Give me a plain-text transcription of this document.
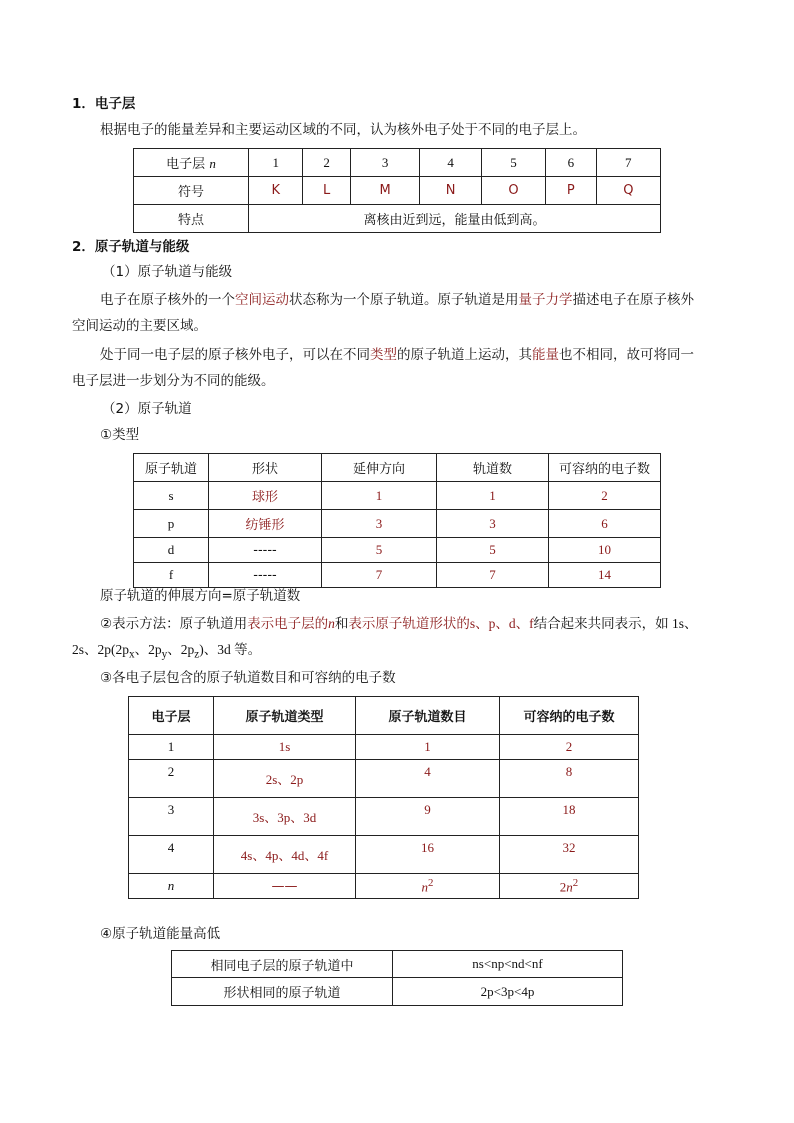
1．电子层
根据电子的能量差异和主要运动区域的不同，认为核外电子处于不同的电子层上。
电子层 n	1	2	3	4	5	6	7
符号	K	L	M	N	O	P	Q
特点	离核由近到远，能量由低到高。						
2．原子轨道与能级
（1）原子轨道与能级
电子在原子核外的一个空间运动状态称为一个原子轨道。原子轨道是用量子力学描述电子在原子核外
空间运动的主要区域。
处于同一电子层的原子核外电子，可以在不同类型的原子轨道上运动，其能量也不相同，故可将同一
电子层进一步划分为不同的能级。
（2）原子轨道
①类型
原子轨道	形状	延伸方向	轨道数	可容纳的电子数
s	球形	1	1	2
p	纺锤形	3	3	6
d	-----	5	5	10
f	-----	7	7	14
原子轨道的伸展方向=原子轨道数
②表示方法：原子轨道用表示电子层的n和表示原子轨道形状的s、p、d、f结合起来共同表示，如 1s、
2s、$2p(2p_x$、$2p_y$、$2p_z$)、3d 等。
③各电子层包含的原子轨道数目和可容纳的电子数
电子层	原子轨道类型	原子轨道数目	可容纳的电子数
1	1s	1	2
2	2s、2p	4	8
3	3s、3p、3d	9	18
4	4s、4p、4d、4f	16	32
n	——	$n^2$	$2n^2$
④原子轨道能量高低
相同电子层的原子轨道中	ns<np<nd<nf
形状相同的原子轨道	2p<3p<4p
